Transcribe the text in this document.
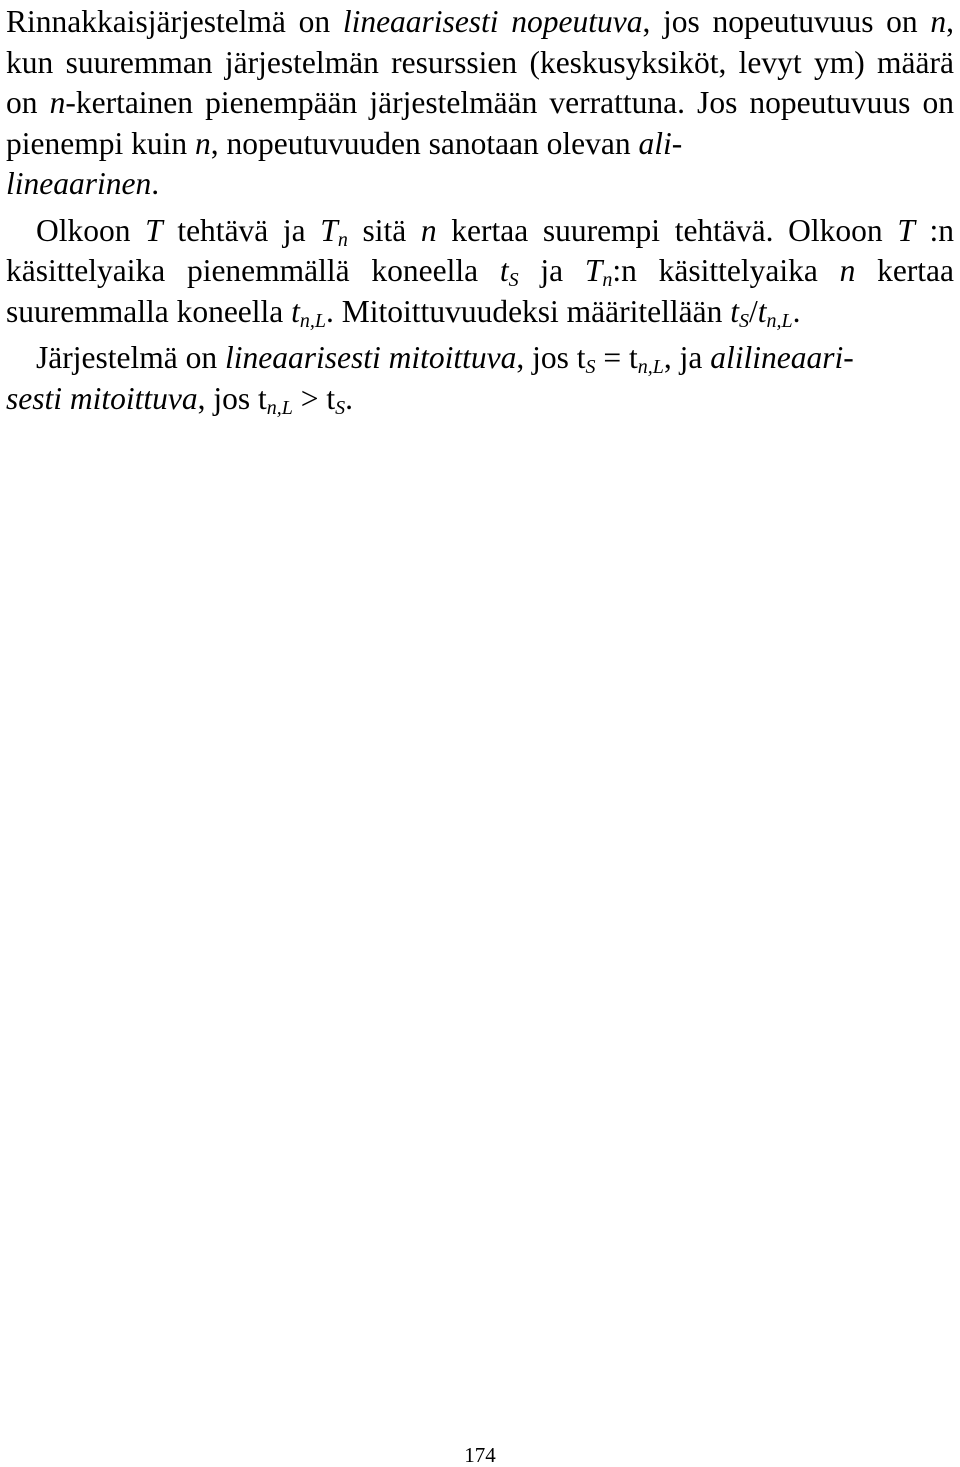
Rinnakkaisjärjestelmä on lineaarisesti nopeutuva, jos nopeutuvuus on n, kun suuremman järjestelmän resurssien (keskusyksiköt, levyt ym) määrä on n-kertainen pienempään järjestelmään verrattuna. Jos nopeutuvuus on pienempi kuin n, nopeutuvuuden sanotaan olevan ali-
lineaarinen.

Olkoon T tehtävä ja $T_n$ sitä n kertaa suurempi tehtävä. Olkoon T :n käsittelyaika pienemmällä koneella $t_S$ ja $T_n:n$ käsittelyaika n kertaa suuremmalla koneella $t_{n,L}$. Mitoittuvuudeksi määritellään $t_S/t_{n,L}$.

Järjestelmä on lineaarisesti mitoittuva, jos $t_S = t_{n,L}$, ja alilineaari-
sesti mitoittuva, jos $t_{n,L} > t_S$.

174
